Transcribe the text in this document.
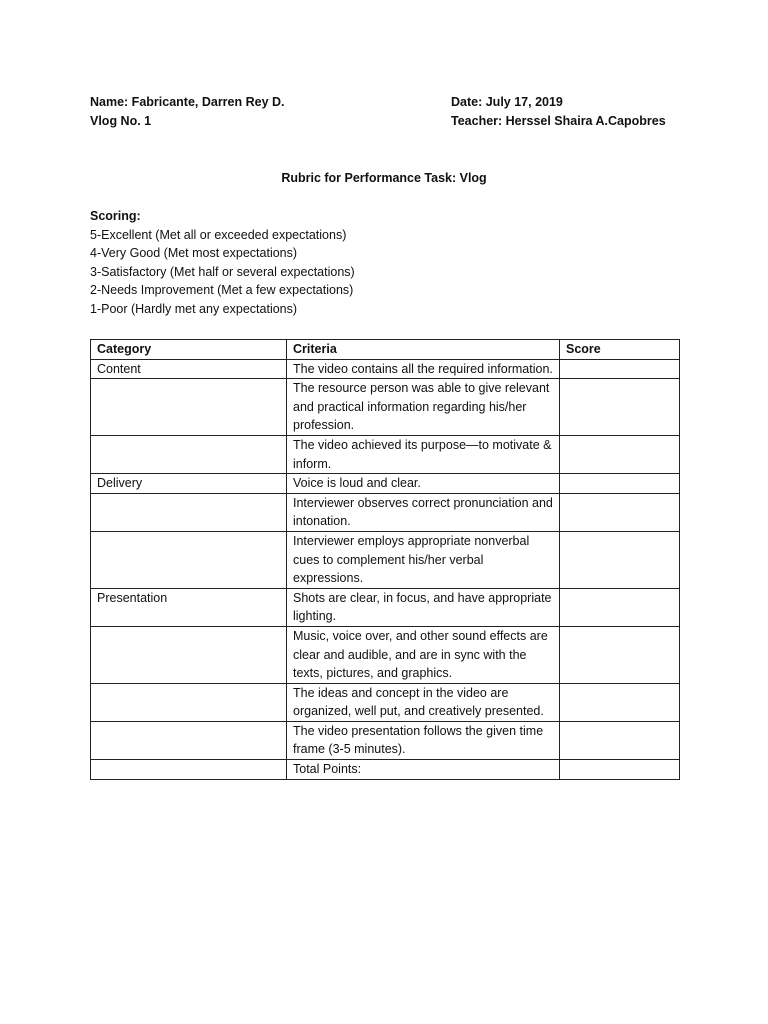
Name: Fabricante, Darren Rey D.	Date: July 17, 2019
Vlog No. 1	Teacher: Herssel Shaira A.Capobres
Rubric for Performance Task: Vlog
Scoring:
5-Excellent (Met all or exceeded expectations)
4-Very Good (Met most expectations)
3-Satisfactory (Met half or several expectations)
2-Needs Improvement (Met a few expectations)
1-Poor (Hardly met any expectations)
Category	Criteria	Score
Content	The video contains all the required information.	
	The resource person was able to give relevant and practical information regarding his/her profession.	
	The video achieved its purpose—to motivate & inform.	
Delivery	Voice is loud and clear.	
	Interviewer observes correct pronunciation and intonation.	
	Interviewer employs appropriate nonverbal cues to complement his/her verbal expressions.	
Presentation	Shots are clear, in focus, and have appropriate lighting.	
	Music, voice over, and other sound effects are clear and audible, and are in sync with the texts, pictures, and graphics.	
	The ideas and concept in the video are organized, well put, and creatively presented.	
	The video presentation follows the given time frame (3-5 minutes).	
	Total Points:	
